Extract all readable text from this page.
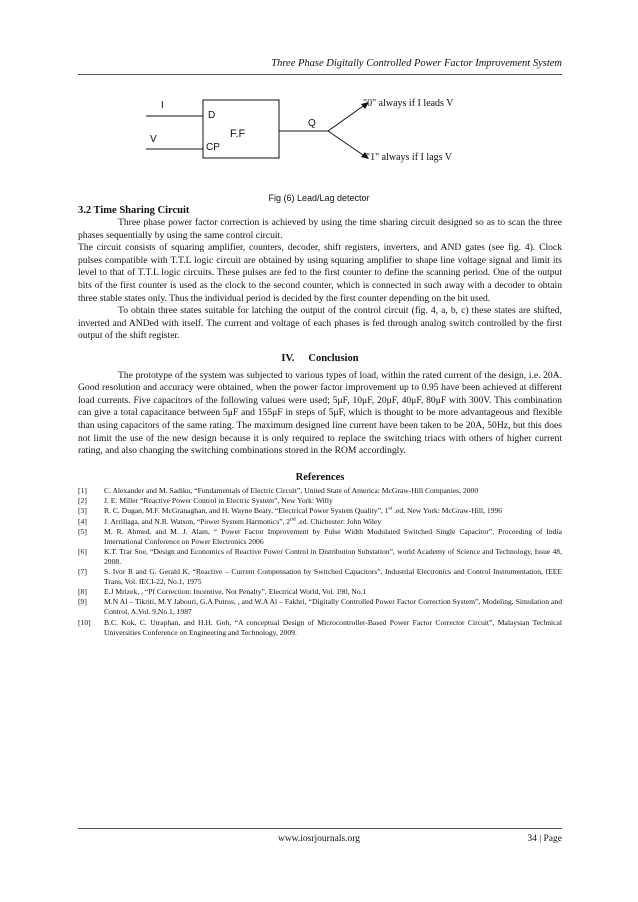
Three Phase Digitally Controlled Power Factor Improvement System
I
V
D
CP
F.F
Q
"0" always if I leads V
"1" always if I lags V
Fig (6) Lead/Lag detector

3.2 Time Sharing Circuit

Three phase power factor correction is achieved by using the time sharing circuit designed so as to scan the three phases sequentially by using the same control circuit.

The circuit consists of squaring amplifier, counters, decoder, shift registers, inverters, and AND gates (see fig. 4). Clock pulses compatible with T.T.L logic circuit are obtained by using squaring amplifier to shape line voltage signal and limit its level to that of T.T.L logic circuits. These pulses are fed to the first counter to define the scanning period. One of the output bits of the first counter is used as the clock to the second counter, which is connected in such away with a decoder to obtain three stable states only. Thus the individual period is decided by the first counter depending on the bit used.

To obtain three states suitable for latching the output of the control circuit (fig. 4, a, b, c) these states are shifted, inverted and ANDed with itself. The current and voltage of each phases is fed through analog switch controlled by the first output of the shift register.

IV. Conclusion

The prototype of the system was subjected to various types of load, within the rated current of the design, i.e. 20A. Good resolution and accuracy were obtained, when the power factor improvement up to 0.95 have been achieved at different load currents. Five capacitors of the following values were used; 5μF, 10μF, 20μF, 40μF, 80μF with 300V. This combination can give a total capacitance between 5μF and 155μF in steps of 5μF, which is thought to be more advantageous and flexible than using capacitors of the same rating. The maximum designed line current have been taken to be 20A, 50Hz, but this does not limit the use of the new design because it is only required to replace the switching triacs with others of higher current rating, and also changing the switching combinations stored in the ROM accordingly.

References
[1]	C. Alexander and M. Sadiku, “Fundamentals of Electric Circuit”, United State of America: McGraw-Hill Companies, 2000
[2]	J. E. Miller “Reactive Power Control in Electric System”, New York: Willy
[3]	R. C. Dugan, M.F. McGranaghan, and H. Wayne Beaty, “Electrical Power System Quality”, 1st .ed, New York: McGraw-Hill, 1996
[4]	J. Arrillaga, and N.R. Watson, “Power System Harmonics”, 2nd .ed. Chichester: John Wiley
[5]	M. R. Ahmed, and M. J. Alam, “ Power Factor Improvement by Pulse Width Modulated Switched Single Capacitor”, Proceeding of India International Conference on Power Electronics 2006
[6]	K.T. Trar Soe, “Design and Economics of Reactive Power Control in Distribution Substation”, world Academy of Science and Technology, Issue 48, 2008.
[7]	S. Ivor R and G. Gerald K, “Reactive – Current Compensation by Switched Capacitors”, Industrial Electronics and Control Instrumentation, IEEE Trans, Vol. IECI-22, No.1, 1975
[8]	E.J Mrizek, , “Pf Correction: Incentive, Not Penalty”, Electrical World, Vol. 190, No.1
[9]	M.N Al – Tikriti, M.Y Jabouri, G.A Putrus, , and W.A Al – Fakhri, “Digitally Controlled Power Factor Correction System”, Modeling, Simulation and Control, A,Vol. 9,No.1, 1987
[10]	B.C. Kok, C. Utraphan, and H.H. Goh, “A conceptual Design of Microcontroller-Based Power Factor Corrector Circuit”, Malaysian Technical Universities Conference on Engineering and Technology, 2009.
www.iosrjournals.org	34 | Page
